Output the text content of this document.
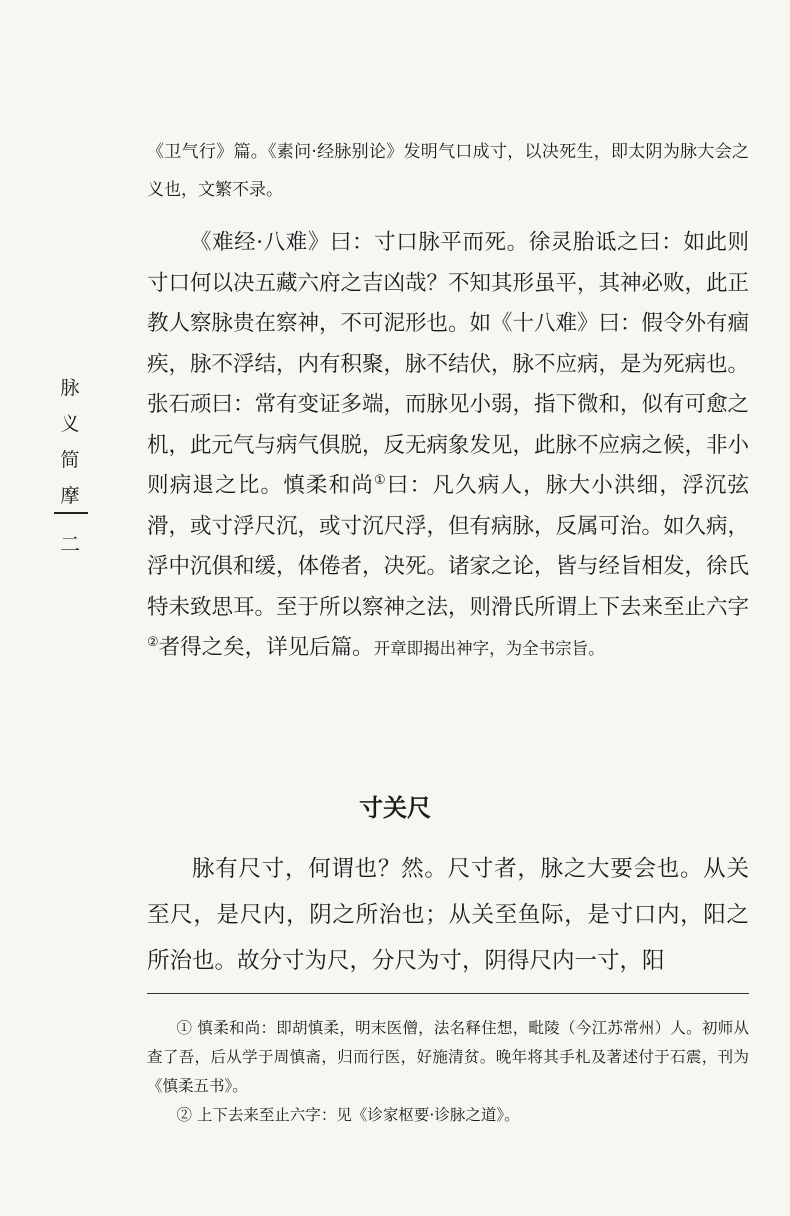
脉
义
简
摩
二

《卫气行》篇。《素问·经脉别论》发明气口成寸，以决死生，即太阴为脉大会之义也，文繁不录。

《难经·八难》曰：寸口脉平而死。徐灵胎诋之曰：如此则寸口何以决五藏六府之吉凶哉？不知其形虽平，其神必败，此正教人察脉贵在察神，不可泥形也。如《十八难》曰：假令外有痼疾，脉不浮结，内有积聚，脉不结伏，脉不应病，是为死病也。张石顽曰：常有变证多端，而脉见小弱，指下微和，似有可愈之机，此元气与病气俱脱，反无病象发见，此脉不应病之候，非小则病退之比。慎柔和尚①曰：凡久病人，脉大小洪细，浮沉弦滑，或寸浮尺沉，或寸沉尺浮，但有病脉，反属可治。如久病，浮中沉俱和缓，体倦者，决死。诸家之论，皆与经旨相发，徐氏特未致思耳。至于所以察神之法，则滑氏所谓上下去来至止六字②者得之矣，详见后篇。开章即揭出神字，为全书宗旨。

寸关尺

脉有尺寸，何谓也？然。尺寸者，脉之大要会也。从关至尺，是尺内，阴之所治也；从关至鱼际，是寸口内，阳之所治也。故分寸为尺，分尺为寸，阴得尺内一寸，阳

① 慎柔和尚：即胡慎柔，明末医僧，法名释住想，毗陵（今江苏常州）人。初师从查了吾，后从学于周慎斋，归而行医，好施清贫。晚年将其手札及著述付于石震，刊为《慎柔五书》。

② 上下去来至止六字：见《诊家枢要·诊脉之道》。
